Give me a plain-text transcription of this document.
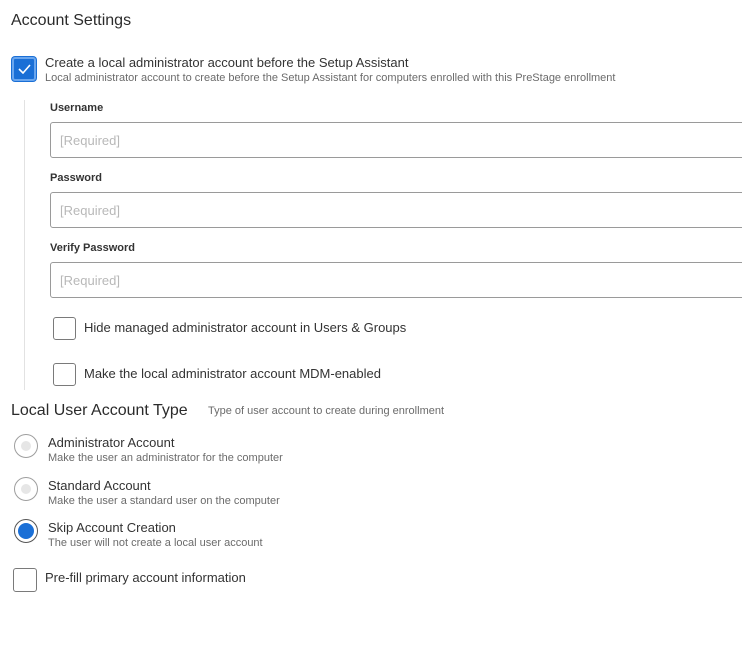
Account Settings
Create a local administrator account before the Setup Assistant
Local administrator account to create before the Setup Assistant for computers enrolled with this PreStage enrollment
Username
[Required]
Password
Verify Password
Hide managed administrator account in Users & Groups
Make the local administrator account MDM-enabled
Local User Account Type Type of user account to create during enrollment
Administrator Account
Make the user an administrator for the computer
Standard Account
Make the user a standard user on the computer
Skip Account Creation
The user will not create a local user account
Pre-fill primary account information
